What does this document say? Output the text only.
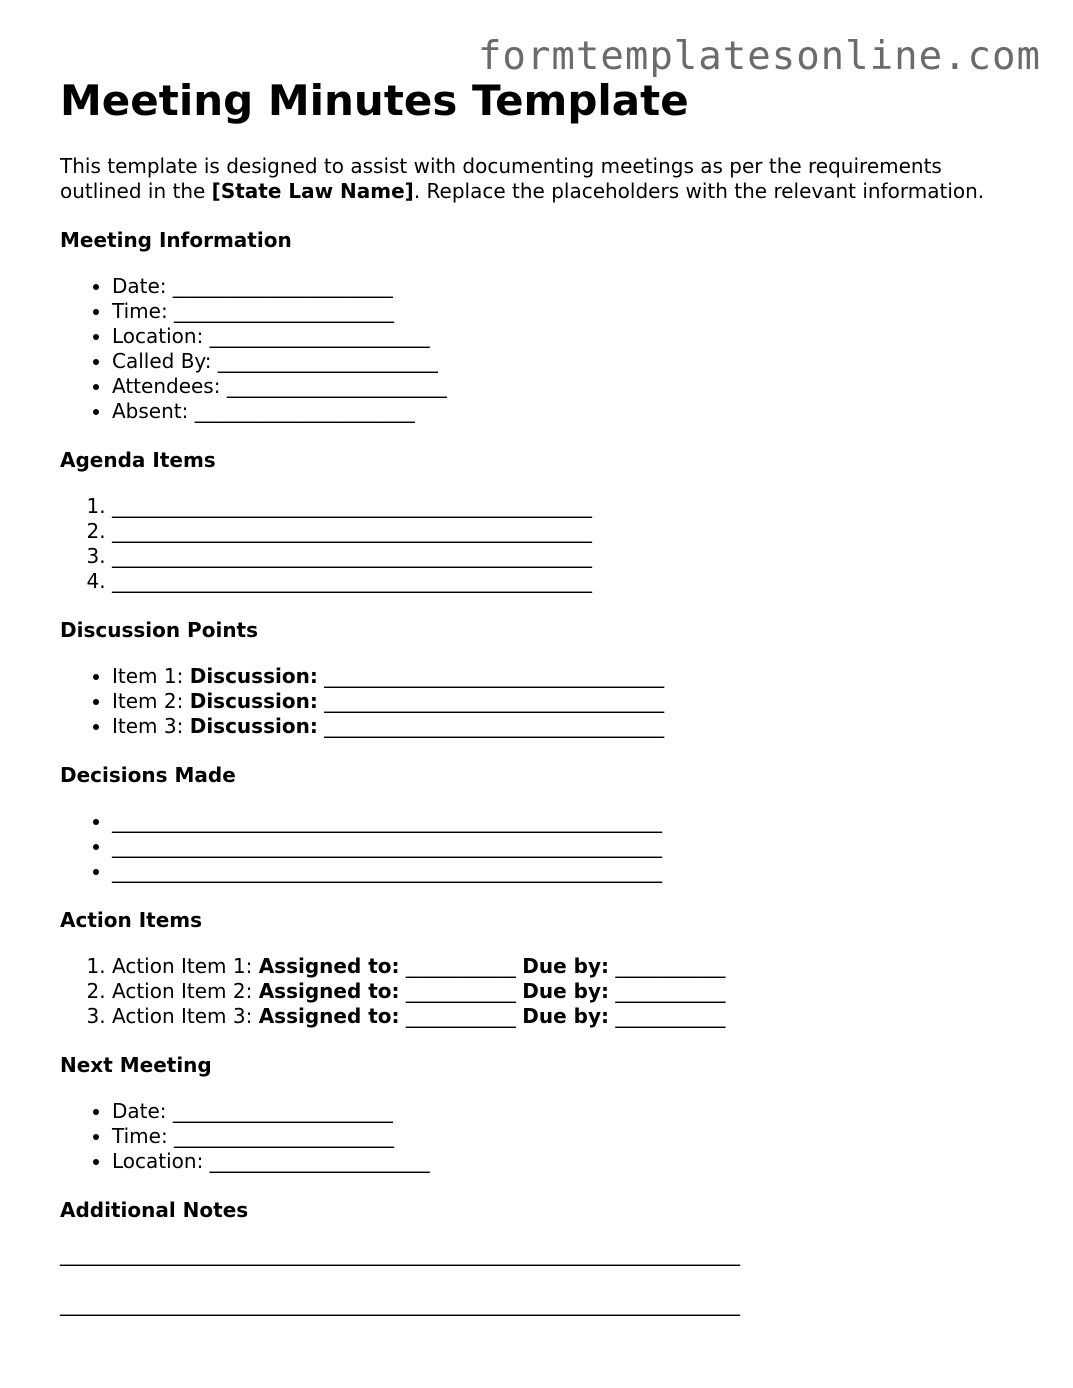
formtemplatesonline.com
Meeting Minutes Template

This template is designed to assist with documenting meetings as per the requirements outlined in the [State Law Name]. Replace the placeholders with the relevant information.

Meeting Information
• Date: ______________________
• Time: ______________________
• Location: ______________________
• Called By: ______________________
• Attendees: ______________________
• Absent: ______________________
Agenda Items
1. ________________________________________________
2. ________________________________________________
3. ________________________________________________
4. ________________________________________________
Discussion Points
• Item 1: Discussion: __________________________________
• Item 2: Discussion: __________________________________
• Item 3: Discussion: __________________________________
Decisions Made
• _______________________________________________________
• _______________________________________________________
• _______________________________________________________
Action Items
1. Action Item 1: Assigned to: ___________ Due by: ___________
2. Action Item 2: Assigned to: ___________ Due by: ___________
3. Action Item 3: Assigned to: ___________ Due by: ___________
Next Meeting
• Date: ______________________
• Time: ______________________
• Location: ______________________
Additional Notes
____________________________________________________________________
____________________________________________________________________
